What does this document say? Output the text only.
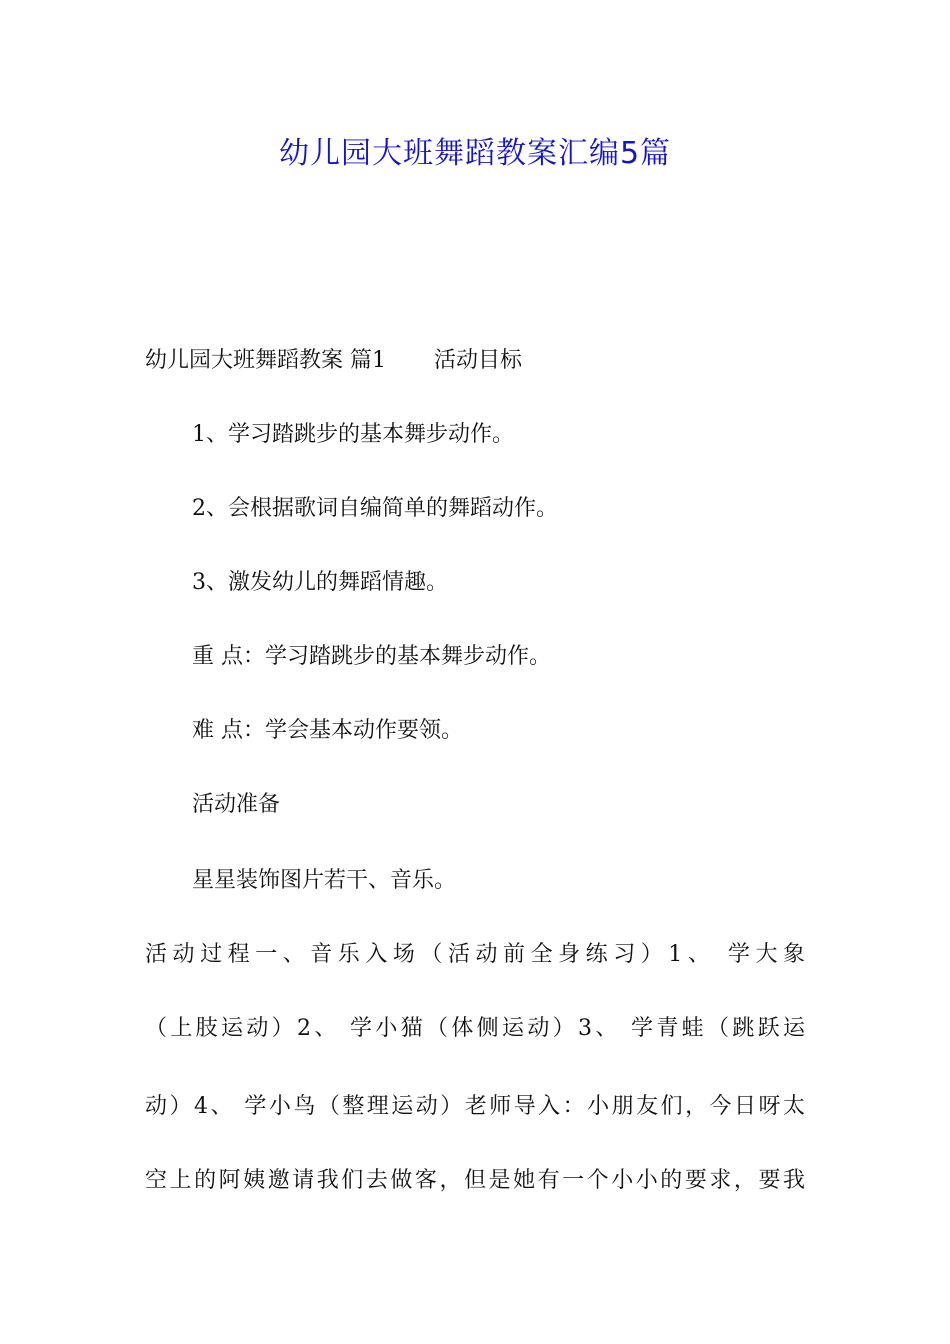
幼儿园大班舞蹈教案汇编5篇

幼儿园大班舞蹈教案 篇1 活动目标

1、学习踏跳步的基本舞步动作。

2、会根据歌词自编简单的舞蹈动作。

3、激发幼儿的舞蹈情趣。

重 点：学习踏跳步的基本舞步动作。

难 点：学会基本动作要领。

活动准备

星星装饰图片若干、音乐。

活动过程一、音乐入场（活动前全身练习）1、 学大象

（上肢运动）2、 学小猫（体侧运动）3、 学青蛙（跳跃运

动）4、 学小鸟（整理运动）老师导入：小朋友们，今日呀太

空上的阿姨邀请我们去做客，但是她有一个小小的要求，要我
